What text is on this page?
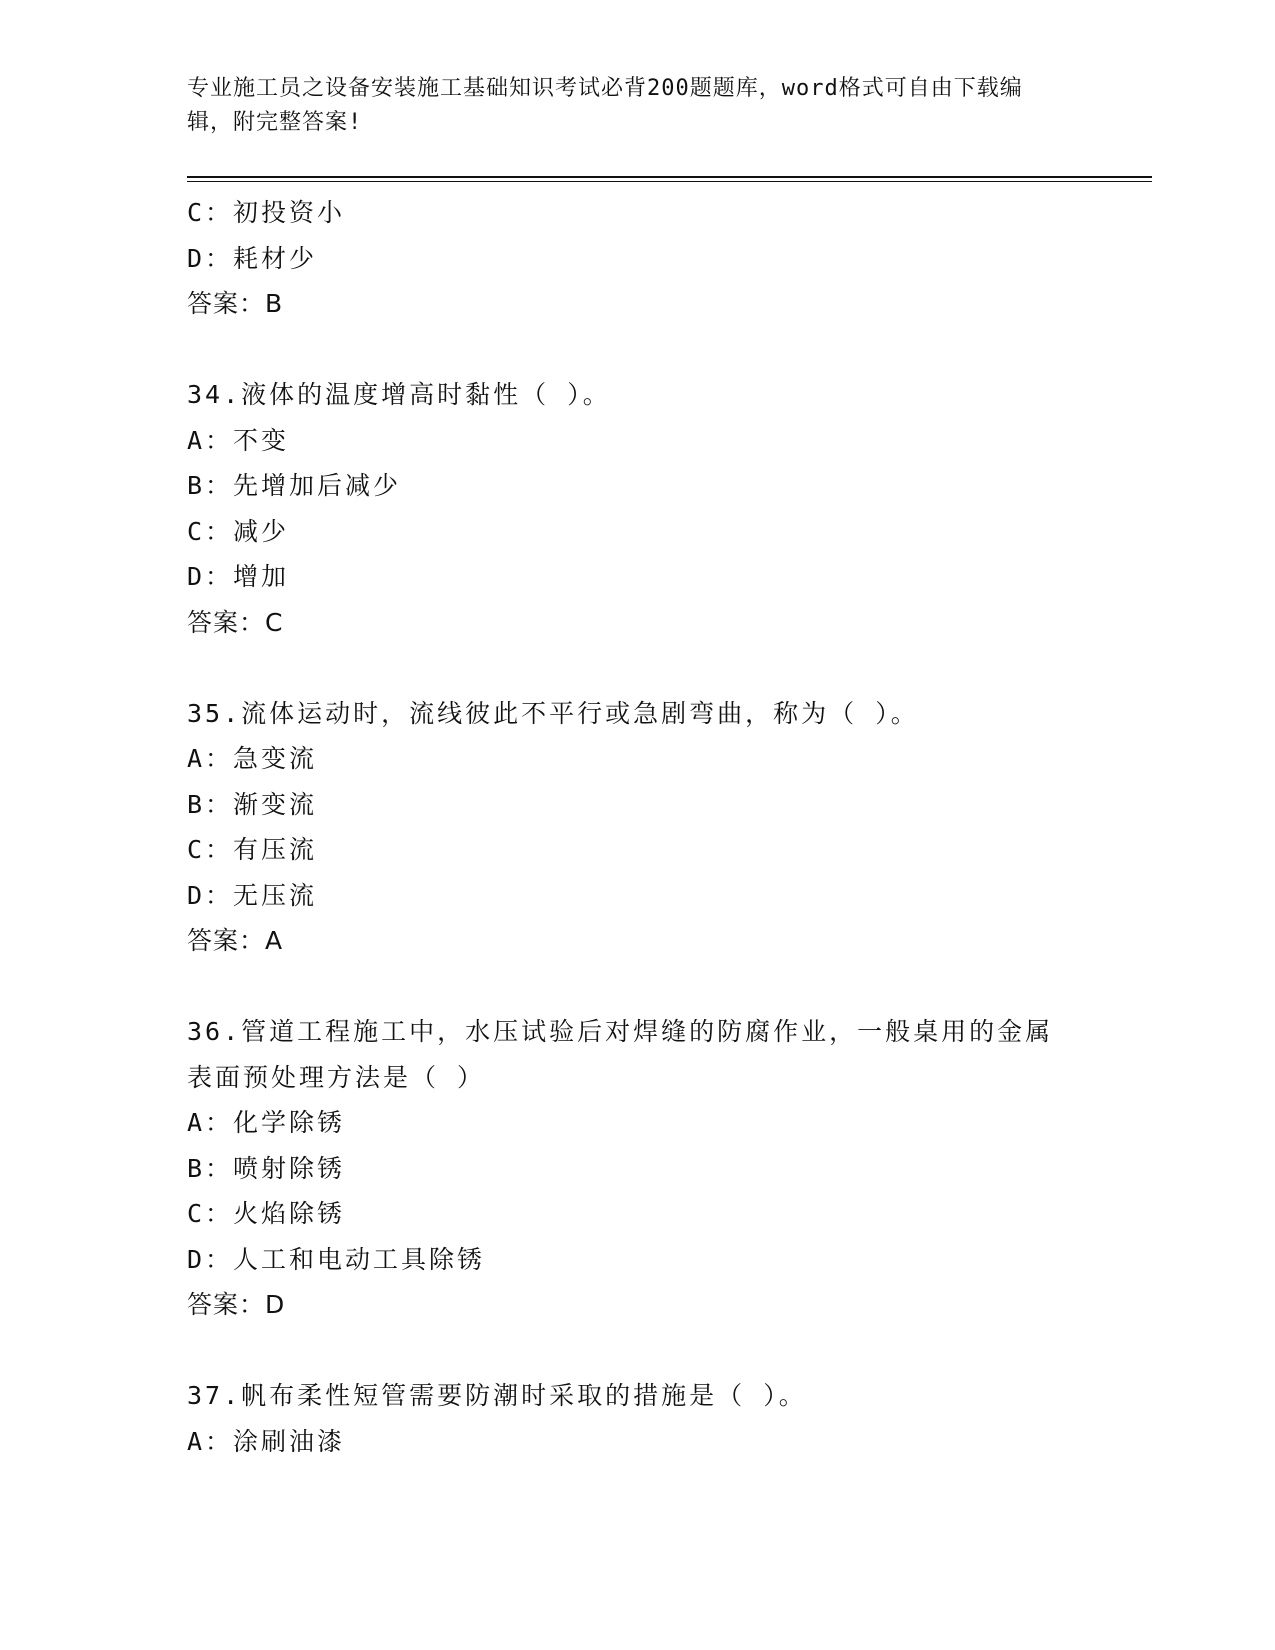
专业施工员之设备安装施工基础知识考试必背200题题库，word格式可自由下载编辑，附完整答案!
C：初投资小
D：耗材少
答案：B
34.液体的温度增高时黏性（ ）。
A：不变
B：先增加后减少
C：减少
D：增加
答案：C
35.流体运动时，流线彼此不平行或急剧弯曲，称为（ ）。
A：急变流
B：渐变流
C：有压流
D：无压流
答案：A
36.管道工程施工中，水压试验后对焊缝的防腐作业，一般桌用的金属
表面预处理方法是（ ）
A：化学除锈
B：喷射除锈
C：火焰除锈
D：人工和电动工具除锈
答案：D
37.帆布柔性短管需要防潮时采取的措施是（ ）。
A：涂刷油漆
